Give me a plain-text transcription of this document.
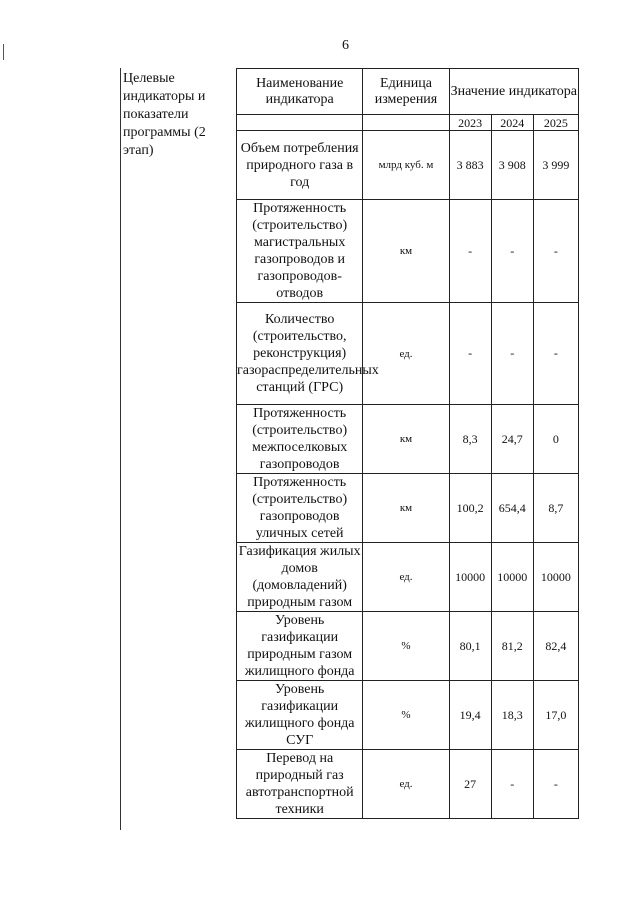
6
Целевые индикаторы и показатели программы (2 этап)
Наименование индикатора	Единица измерения	Значение индикатора		
		2023	2024	2025
Объем потребления природного газа в год	млрд куб. м	3 883	3 908	3 999
Протяженность (строительство) магистральных газопроводов и газопроводов-отводов	км	-	-	-
Количество (строительство, реконструкция) газораспределительных станций (ГРС)	ед.	-	-	-
Протяженность (строительство) межпоселковых газопроводов	км	8,3	24,7	0
Протяженность (строительство) газопроводов уличных сетей	км	100,2	654,4	8,7
Газификация жилых домов (домовладений) природным газом	ед.	10000	10000	10000
Уровень газификации природным газом жилищного фонда	%	80,1	81,2	82,4
Уровень газификации жилищного фонда СУГ	%	19,4	18,3	17,0
Перевод на природный газ автотранспортной техники	ед.	27	-	-
